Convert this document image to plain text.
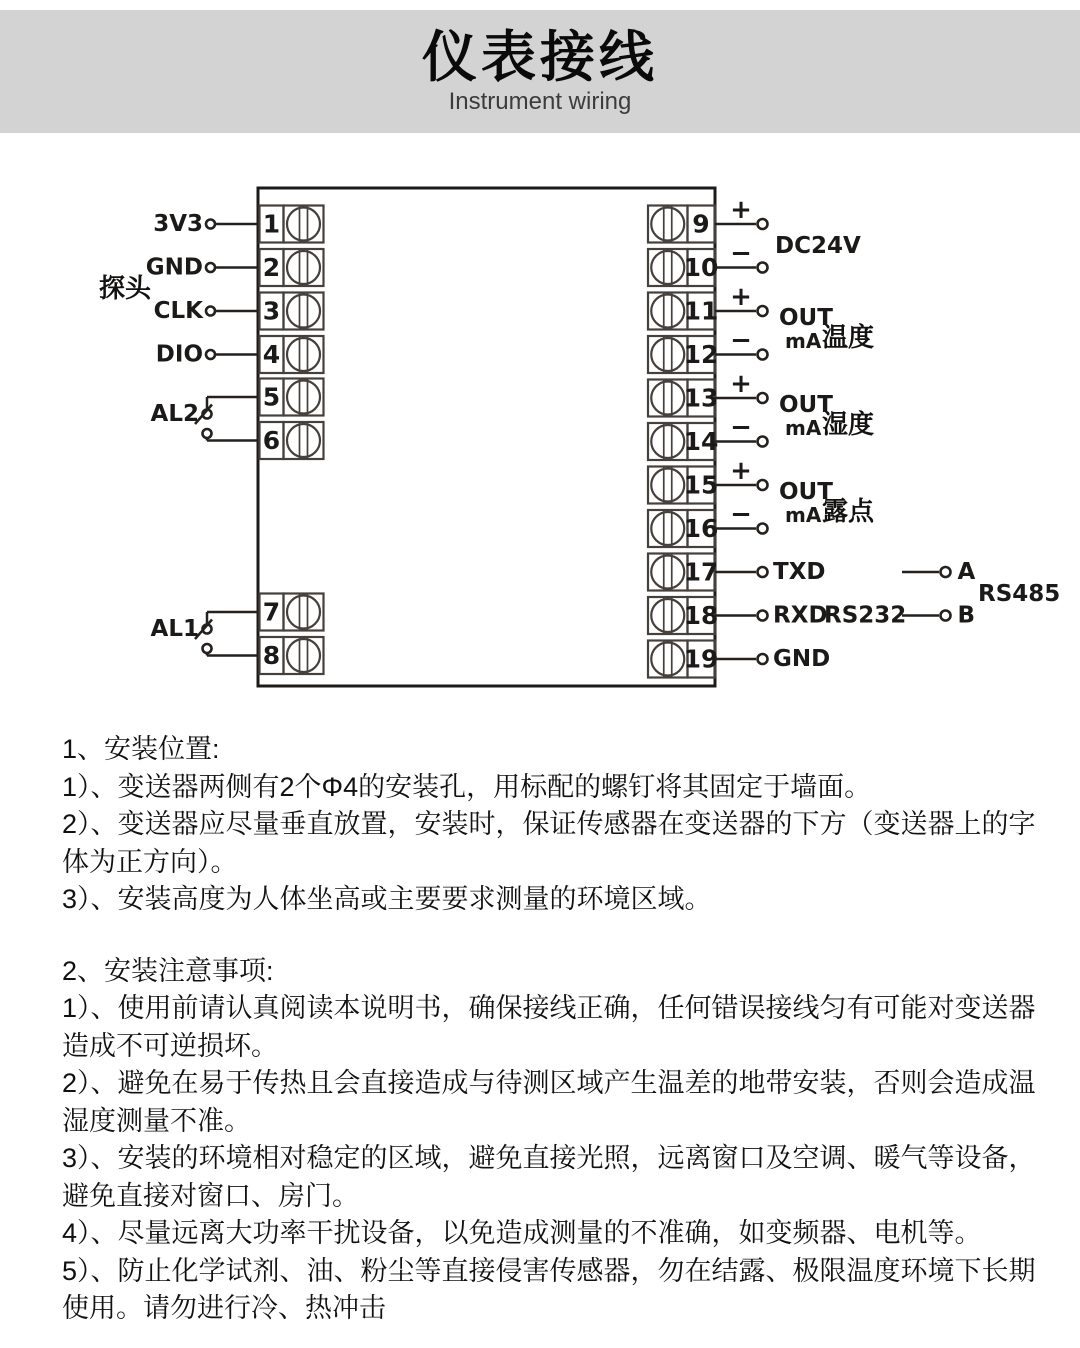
仪表接线
Instrument wiring
1
2
3
4
5
6
7
8
3V3
GND
CLK
DIO
探头
AL2
AL1
9
10
11
12
13
14
15
16
17
18
19
+
− DC24V
+
−
OUT
mA 温度
+
−
OUT
mA 湿度
+
−
OUT
mA 露点
TXD
RXD
RS232
GND
A
B
RS485
1、安装位置:

1）、变送器两侧有2个Φ4的安装孔，用标配的螺钉将其固定于墙面。

2）、变送器应尽量垂直放置，安装时，保证传感器在变送器的下方（变送器上的字体为正方向）。

3）、安装高度为人体坐高或主要要求测量的环境区域。

2、安装注意事项:

1）、使用前请认真阅读本说明书，确保接线正确，任何错误接线匀有可能对变送器造成不可逆损坏。

2）、避免在易于传热且会直接造成与待测区域产生温差的地带安装，否则会造成温湿度测量不准。

3）、安装的环境相对稳定的区域，避免直接光照，远离窗口及空调、暖气等设备，避免直接对窗口、房门。

4）、尽量远离大功率干扰设备，以免造成测量的不准确，如变频器、电机等。

5）、防止化学试剂、油、粉尘等直接侵害传感器，勿在结露、极限温度环境下长期使用。请勿进行冷、热冲击
